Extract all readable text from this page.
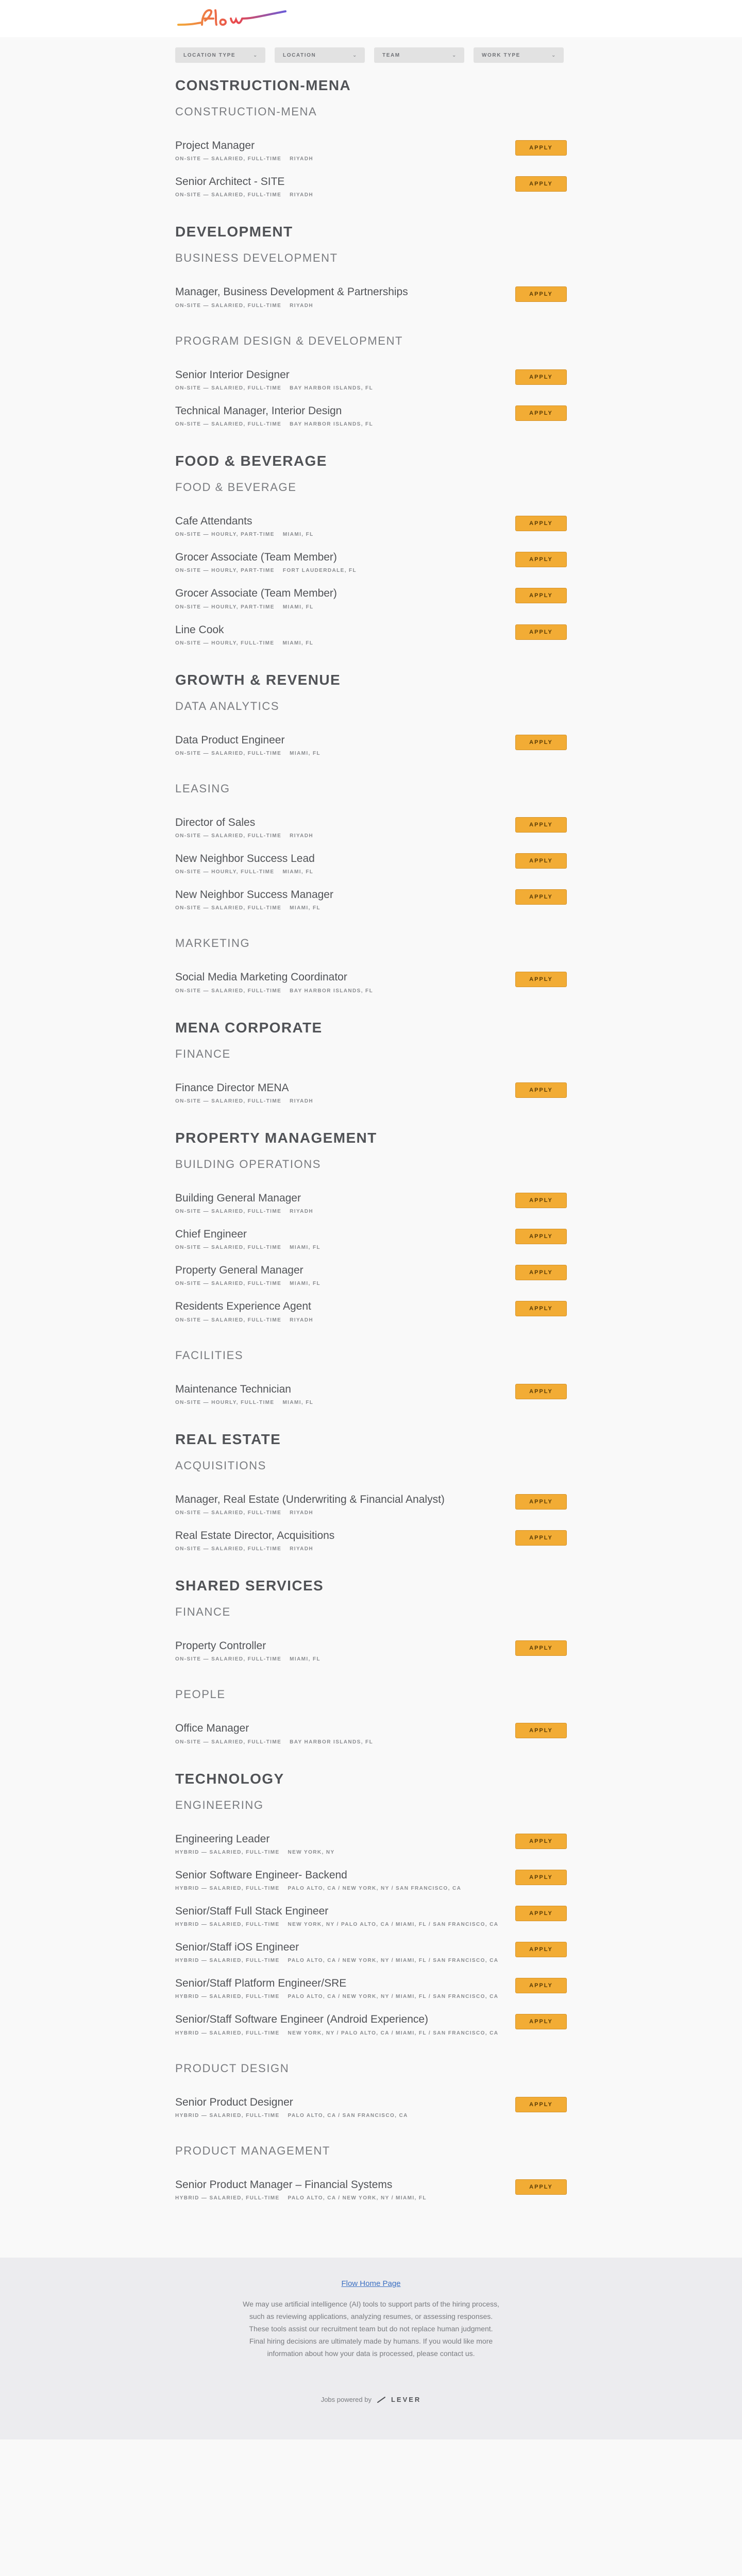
LOCATION TYPE	⌄	LOCATION	⌄	TEAM	⌄	WORK TYPE	⌄
CONSTRUCTION-MENA
CONSTRUCTION-MENA
Project Manager
ON-SITE — SALARIED, FULL-TIME RIYADH
APPLY
Senior Architect - SITE
ON-SITE — SALARIED, FULL-TIME RIYADH
APPLY
DEVELOPMENT
BUSINESS DEVELOPMENT
Manager, Business Development & Partnerships
ON-SITE — SALARIED, FULL-TIME RIYADH
APPLY
PROGRAM DESIGN & DEVELOPMENT
Senior Interior Designer
ON-SITE — SALARIED, FULL-TIME BAY HARBOR ISLANDS, FL
APPLY
Technical Manager, Interior Design
ON-SITE — SALARIED, FULL-TIME BAY HARBOR ISLANDS, FL
APPLY
FOOD & BEVERAGE
FOOD & BEVERAGE
Cafe Attendants
ON-SITE — HOURLY, PART-TIME MIAMI, FL
APPLY
Grocer Associate (Team Member)
ON-SITE — HOURLY, PART-TIME FORT LAUDERDALE, FL
APPLY
Grocer Associate (Team Member)
ON-SITE — HOURLY, PART-TIME MIAMI, FL
APPLY
Line Cook
ON-SITE — HOURLY, FULL-TIME MIAMI, FL
APPLY
GROWTH & REVENUE
DATA ANALYTICS
Data Product Engineer
ON-SITE — SALARIED, FULL-TIME MIAMI, FL
APPLY
LEASING
Director of Sales
ON-SITE — SALARIED, FULL-TIME RIYADH
APPLY
New Neighbor Success Lead
ON-SITE — HOURLY, FULL-TIME MIAMI, FL
APPLY
New Neighbor Success Manager
ON-SITE — SALARIED, FULL-TIME MIAMI, FL
APPLY
MARKETING
Social Media Marketing Coordinator
ON-SITE — SALARIED, FULL-TIME BAY HARBOR ISLANDS, FL
APPLY
MENA CORPORATE
FINANCE
Finance Director MENA
ON-SITE — SALARIED, FULL-TIME RIYADH
APPLY
PROPERTY MANAGEMENT
BUILDING OPERATIONS
Building General Manager
ON-SITE — SALARIED, FULL-TIME RIYADH
APPLY
Chief Engineer
ON-SITE — SALARIED, FULL-TIME MIAMI, FL
APPLY
Property General Manager
ON-SITE — SALARIED, FULL-TIME MIAMI, FL
APPLY
Residents Experience Agent
ON-SITE — SALARIED, FULL-TIME RIYADH
APPLY
FACILITIES
Maintenance Technician
ON-SITE — HOURLY, FULL-TIME MIAMI, FL
APPLY
REAL ESTATE
ACQUISITIONS
Manager, Real Estate (Underwriting & Financial Analyst)
ON-SITE — SALARIED, FULL-TIME RIYADH
APPLY
Real Estate Director, Acquisitions
ON-SITE — SALARIED, FULL-TIME RIYADH
APPLY
SHARED SERVICES
FINANCE
Property Controller
ON-SITE — SALARIED, FULL-TIME MIAMI, FL
APPLY
PEOPLE
Office Manager
ON-SITE — SALARIED, FULL-TIME BAY HARBOR ISLANDS, FL
APPLY
TECHNOLOGY
ENGINEERING
Engineering Leader
HYBRID — SALARIED, FULL-TIME NEW YORK, NY
APPLY
Senior Software Engineer- Backend
HYBRID — SALARIED, FULL-TIME PALO ALTO, CA / NEW YORK, NY / SAN FRANCISCO, CA
APPLY
Senior/Staff Full Stack Engineer
HYBRID — SALARIED, FULL-TIME NEW YORK, NY / PALO ALTO, CA / MIAMI, FL / SAN FRANCISCO, CA
APPLY
Senior/Staff iOS Engineer
HYBRID — SALARIED, FULL-TIME PALO ALTO, CA / NEW YORK, NY / MIAMI, FL / SAN FRANCISCO, CA
APPLY
Senior/Staff Platform Engineer/SRE
HYBRID — SALARIED, FULL-TIME PALO ALTO, CA / NEW YORK, NY / MIAMI, FL / SAN FRANCISCO, CA
APPLY
Senior/Staff Software Engineer (Android Experience)
HYBRID — SALARIED, FULL-TIME NEW YORK, NY / PALO ALTO, CA / MIAMI, FL / SAN FRANCISCO, CA
APPLY
PRODUCT DESIGN
Senior Product Designer
HYBRID — SALARIED, FULL-TIME PALO ALTO, CA / SAN FRANCISCO, CA
APPLY
PRODUCT MANAGEMENT
Senior Product Manager – Financial Systems
HYBRID — SALARIED, FULL-TIME PALO ALTO, CA / NEW YORK, NY / MIAMI, FL
APPLY
Flow Home Page

We may use artificial intelligence (AI) tools to support parts of the hiring process, such as reviewing applications, analyzing resumes, or assessing responses. These tools assist our recruitment team but do not replace human judgment. Final hiring decisions are ultimately made by humans. If you would like more information about how your data is processed, please contact us.

Jobs powered by	LEVER
